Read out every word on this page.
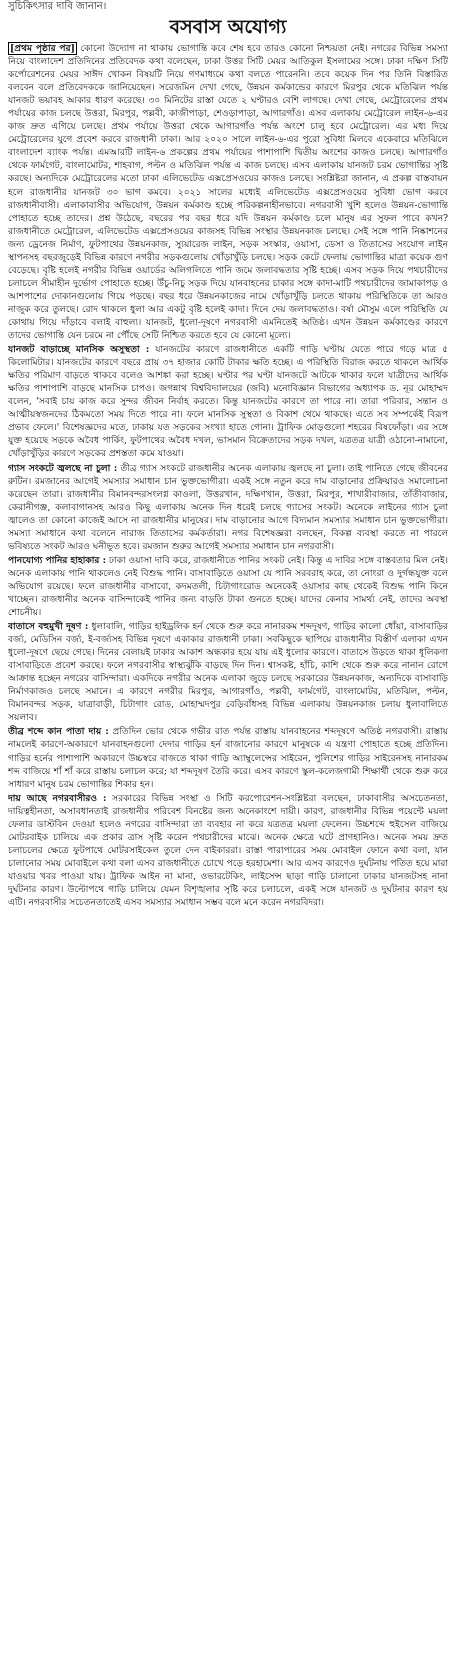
সুচিকিৎসার দাবি জানান।
বসবাস অযোগ্য

[প্রথম পৃষ্ঠার পর] কোনো উদ্যোগ না থাকায় ভোগান্তি কবে শেষ হবে তারও কোনো নিশ্চয়তা নেই। নগরের বিভিন্ন সমস্যা নিয়ে বাংলাদেশ প্রতিদিনের প্রতিবেদক কথা বলেছেন, ঢাকা উত্তর সিটি মেয়র আতিকুল ইসলামের সঙ্গে। ঢাকা দক্ষিণ সিটি কর্পোরেশনের মেয়র সাঈদ খোকন বিষয়টি নিয়ে গণমাধ্যমে কথা বলতে পারেননি। তবে কয়েক দিন পর তিনি বিস্তারিত বলবেন বলে প্রতিবেদককে জানিয়েছেন। সরেজমিন দেখা গেছে, উন্নয়ন কর্মকান্ডের কারণে মিরপুর থেকে মতিঝিল পর্যন্ত যানজট ভয়াবহ আকার ধারণ করেছে। ৩০ মিনিটের রাস্তা যেতে ২ ঘণ্টারও বেশি লাগছে। দেখা গেছে, মেট্রোরেলের প্রথম পর্যায়ের কাজ চলছে উত্তরা, মিরপুর, পল্লবী, কাজীপাড়া, শেওড়াপাড়া, আগারগাঁও। এসব এলাকায় মেট্রোরেল লাইন-৬-এর কাজ দ্রুত এগিয়ে চলছে। প্রথম পর্যায়ে উত্তরা থেকে আগারগাঁও পর্যন্ত অংশে চালু হবে মেট্রোরেল। এর মধ্য দিয়ে মেট্রোরেলের যুগে প্রবেশ করবে রাজধানী ঢাকা। আর ২০২০ সালে লাইন-৬-এর পুরো সুবিধা মিলবে একেবারে মতিঝিলে বাংলাদেশ ব্যাংক পর্যন্ত। এমআরটি লাইন-৬ প্রকল্পের প্রথম পর্যায়ের পাশাপাশি দ্বিতীয় অংশের কাজও চলছে। আগারগাঁও থেকে ফার্মগেট, বাংলামোটর, শাহবাগ, পল্টন ও মতিঝিল পর্যন্ত এ কাজ চলছে। এসব এলাকায় যানজট চরম ভোগান্তির সৃষ্টি করছে। অন্যদিকে মেট্রোরেলের মতো ঢাকা এলিভেটেড এক্সপ্রেসওয়ের কাজও চলছে। সংশ্লিষ্টরা জানান, এ প্রকল্প বাস্তবায়ন হলে রাজধানীর যানজট ৩০ ভাগ কমবে। ২০২১ সালের মধ্যেই এলিভেটেড এক্সপ্রেসওয়ের সুবিধা ভোগ করবে রাজধানীবাসী। এলাকাবাসীর অভিযোগ, উন্নয়ন কর্মকাণ্ড হচ্ছে পরিকল্পনাহীনভাবে। নগরবাসী খুশি হলেও উন্নয়ন-ভোগান্তি পোহাতে হচ্ছে তাদের। প্রশ্ন উঠেছে, বছরের পর বছর ধরে যদি উন্নয়ন কর্মকাণ্ড চলে মানুষ এর সুফল পাবে কখন? রাজধানীতে মেট্রোরেল, এলিভেটেড এক্সপ্রেসওয়ের কাজসহ বিভিন্ন সংস্থার উন্নয়নকাজ চলছে। সেই সঙ্গে পানি নিষ্কাশনের জন্য ড্রেনেজ নির্মাণ, ফুটপাথের উন্নয়নকাজ, স্যুয়ারেজ লাইন, সড়ক সংস্কার, ওয়াসা, ডেসা ও তিতাসের সংযোগ লাইন স্থাপনসহ বছরজুড়েই বিভিন্ন কারণে নগরীর সড়কগুলোয় খোঁড়াখুঁড়ি চলছে। সড়ক কেটে ফেলায় ভোগান্তির মাত্রা কয়েক গুণ বেড়েছে। বৃষ্টি হলেই নগরীর বিভিন্ন ওয়ার্ডের অলিগলিতে পানি জমে জলাবদ্ধতার সৃষ্টি হচ্ছে। এসব সড়ক দিয়ে পথচারীদের চলাচলে সীমাহীন দুর্ভোগ পোহাতে হচ্ছে। উঁচু-নিচু সড়ক দিয়ে যানবাহনের চাকার সঙ্গে কাদা-মাটি পথচারীদের জামাকাপড় ও আশপাশের দোকানগুলোয় গিয়ে পড়ছে। বছর ধরে উন্নয়নকাজের নামে খোঁড়াখুঁড়ি চলতে থাকায় পরিস্থিতিকে তা আরও নাজুক করে তুলছে। রোদ থাকলে ধুলা আর একটু বৃষ্টি হলেই কাদা। দিনে দেয় জলাবদ্ধতাও। বর্ষা মৌসুম এলে পরিস্থিতি যে কোথায় গিয়ে দাঁড়াবে বলাই বাহুল্য। যানজট, ধুলো-দূষণে নগরবাসী এমনিতেই অতিষ্ঠ। এখন উন্নয়ন কর্মকাণ্ডের কারণে তাদের ভোগান্তি যেন চরমে না পৌঁছে সেটি নিশ্চিত করতে হবে যে কোনো মূল্যে।

যানজট বাড়াচ্ছে মানসিক অসুস্থতা : যানজটের কারণে রাজধানীতে একটি গাড়ি ঘণ্টায় যেতে পারে গড়ে মাত্র ৫ কিলোমিটার। যানজটের কারণে বছরে প্রায় ৩৭ হাজার কোটি টাকার ক্ষতি হচ্ছে। এ পরিস্থিতি বিরাজ করতে থাকলে আর্থিক ক্ষতির পরিমাণ বাড়তে থাকবে বলেও আশঙ্কা করা হচ্ছে। ঘণ্টার পর ঘণ্টা যানজটে আটকে থাকার ফলে যাত্রীদের আর্থিক ক্ষতির পাশাপাশি বাড়ছে মানসিক চাপও। জগন্নাথ বিশ্ববিদ্যালয়ের (জবি) মনোবিজ্ঞান বিভাগের অধ্যাপক ড. নূর মোহাম্মদ বলেন, 'সবাই চায় কাজ করে সুন্দর জীবন নির্বাহ করতে। কিন্তু যানজটের কারণে তা পারে না। তারা পরিবার, সন্তান ও আত্মীয়স্বজনদের ঠিকমতো সময় দিতে পারে না। ফলে মানসিক সুস্থতা ও বিকাশ থেমে থাকছে। এতে সব সম্পর্কেই বিরূপ প্রভাব ফেলে।' বিশেষজ্ঞদের মতে, ঢাকায় যত সড়কের সংখ্যা হাতে গোনা। ট্রাফিক মোড়গুলো শহরের বিষফোঁড়া। এর সঙ্গে যুক্ত হয়েছে সড়কে অবৈধ পার্কিং, ফুটপাথের অবৈধ দখল, ভাসমান বিক্রেতাদের সড়ক দখল, যত্রতত্র যাত্রী ওঠানো-নামানো, খোঁড়াখুঁড়ির কারণে সড়কের প্রশস্ততা কমে যাওয়া।

গ্যাস সংকটে জ্বলছে না চুলা : তীব্র গ্যাস সংকটে রাজধানীর অনেক এলাকায় জ্বলছে না চুলা। তাই পানিতে গেছে জীবনের রুটিন। রমজানের আগেই সমস্যার সমাধান চান ভুক্তভোগীরা। একই সঙ্গে নতুন করে দাম বাড়ানোর প্রক্রিয়ারও সমালোচনা করেছেন তারা। রাজধানীর বিমানবন্দরসংলগ্ন কাওলা, উত্তরখান, দক্ষিণখান, উত্তরা, মিরপুর, শাখারীবাজার, তাঁতীবাজার, কেরানীগঞ্জ, কলাবাগানসহ আরও কিছু এলাকায় অনেক দিন ধরেই চলছে গ্যাসের সংকট। অনেকে লাইনের গ্যাস চুলা জ্বালেও তা কোনো কাজেই আসে না রাজধানীর মানুষের। দাম বাড়ানোর আগে বিদ্যমান সমস্যার সমাধান চান ভুক্তভোগীরা। সমস্যা সমাধানে কথা বলেনে নারাজ তিতাসের কর্মকর্তারা। নগর বিশেষজ্ঞরা বলছেন, বিকল্প ব্যবস্থা করতে না পারলে ভবিষ্যতে সংকট আরও ঘনীভূত হবে। রমজান শুরুর আগেই সমস্যার সমাধান চান নগরবাসী।

পানযোগ্য পানির হাহাকার : ঢাকা ওয়াসা দাবি করে, রাজধানীতে পানির সংকট নেই। কিন্তু এ দাবির সঙ্গে বাস্তবতার মিল নেই। অনেক এলাকায় পানি থাকলেও নেই বিশুদ্ধ পানি। বাসাবাড়িতে ওয়াসা যে পানি সরবরাহ করে, তা নোংরা ও দুর্গন্ধযুক্ত বলে অভিযোগ রয়েছে। ফলে রাজধানীর বাসাবো, কদমতলী, চিটাগাংরোড অনেকেই ওয়াসার কাছ থেকেই বিশুদ্ধ পানি কিনে খাচ্ছেন। রাজধানীর অনেক বাসিন্দাকেই পানির জন্য বাড়তি টাকা গুনতে হচ্ছে। যাদের কেনার সামর্থ্য নেই, তাদের অবস্থা শোচনীয়।

বাতাসে বহুমুখী দূষণ : ধুলাবালি, গাড়ির হাইড্রলিক হর্ন থেকে শুরু করে নানারকম শব্দদূষণ, গাড়ির কালো ধোঁয়া, বাসাবাড়ির বর্জ্য, মেডিসিন বর্জ্য, ই-বর্জ্যসহ বিভিন্ন দূষণে একাকার রাজধানী ঢাকা। সবকিছুকে ছাপিয়ে রাজধানীর বিস্তীর্ণ এলাকা এখন ধুলো-দূষণে ছেয়ে গেছে। দিনের বেলায়ই ঢাকার আকাশ অন্ধকার হয়ে যায় এই ধুলোর কারণে। বাতাসে উড়তে থাকা ধূলিকণা বাসাবাড়িতে প্রবেশ করছে। ফলে নগরবাসীর স্বাস্থ্যঝুঁকি বাড়ছে দিন দিন। শ্বাসকষ্ট, হাঁচি, কাশি থেকে শুরু করে নানান রোগে আক্রান্ত হচ্ছেন নগরের বাসিন্দারা। একদিকে নগরীর অনেক এলাকা জুড়ে চলছে সরকারের উন্নয়নকাজ, অন্যদিকে বাসাবাড়ি নির্মাণকাজও চলছে সমানে। এ কারণে নগরীর মিরপুর, আগারগাঁও, পল্লবী, ফার্মগেট, বাংলামোটর, মতিঝিল, পল্টন, বিমানবন্দর সড়ক, যাত্রাবাড়ী, চিটাগাং রোড, মোহাম্মদপুর বেড়িবাঁধসহ বিভিন্ন এলাকায় উন্নয়নকাজ চলায় ধুলাবালিতে সয়লাব।

তীব্র শব্দে কান পাতা দায় : প্রতিদিন ভোর থেকে গভীর রাত পর্যন্ত রাস্তায় যানবাহনের শব্দদূষণে অতিষ্ঠ নগরবাসী। রাস্তায় নামলেই কারণে-অকারণে যানবাহনগুলো দেদার গাড়ির হর্ন বাজানোর কারণে মানুষকে এ যন্ত্রণা পোহাতে হচ্ছে প্রতিদিন। গাড়ির হর্নের পাশাপাশি অকারণে উচ্চস্বরে বাজতে থাকা গাড়ি অ্যাম্বুলেন্সের সাইরেন, পুলিশের গাড়ির সাইরেনসহ নানারকম শব্দ বাজিয়ে শাঁ শাঁ করে রাস্তায় চলাচল করে; যা শব্দদূষণ তৈরি করে। এসব কারণে স্কুল-কলেজগামী শিক্ষার্থী থেকে শুরু করে সাধারণ মানুষ চরম ভোগান্তির শিকার হন।

দায় আছে নগরবাসীরও : সরকারের বিভিন্ন সংস্থা ও সিটি করপোরেশন-সংশ্লিষ্টরা বলছেন, ঢাকাবাসীর অসচেতনতা, দায়িত্বহীনতা, অসাবধানতাই রাজধানীর পরিবেশ বিনষ্টের জন্য অনেকাংশে দায়ী। কারণ, রাজধানীর বিভিন্ন পয়েন্টে ময়লা ফেলার ডাস্টবিন দেওয়া হলেও নগরের বাসিন্দারা তা ব্যবহার না করে যত্রতত্র ময়লা ফেলেন। উচ্চশব্দে হুইসেল বাজিয়ে মোটরবাইক চালিয়ে এক প্রকার ত্রাস সৃষ্টি করেন পথচারীদের মাঝে। অনেক ক্ষেত্রে ঘটে প্রাণহানিও। অনেক সময় দ্রুত চলাচলের ক্ষেত্রে ফুটপাথে মোটরসাইকেল তুলে দেন বাইকাররা। রাস্তা পারাপারের সময় মোবাইল ফোনে কথা বলা, যান চালানোর সময় মোবাইলে কথা বলা এসব রাজধানীতে চোখে পড়ে হরহামেশা। আর এসব কারণেও দুর্ঘটনায় পতিত হয়ে মারা যাওয়ার খবর পাওয়া যায়। ট্রাফিক আইন না মানা, ওভারটেকিং, লাইসেন্স ছাড়া গাড়ি চালানো ঢাকার যানজটসহ নানা দুর্ঘটনার কারণ। উল্টোপথে গাড়ি চালিয়ে যেমন বিশৃঙ্খলার সৃষ্টি করে চলাচলে, একই সঙ্গে যানজট ও দুর্ঘটনার কারণ হয় এটি। নগরবাসীর সচেতনতাতেই এসব সমস্যার সমাধান সম্ভব বলে মনে করেন নগরবিদরা।
